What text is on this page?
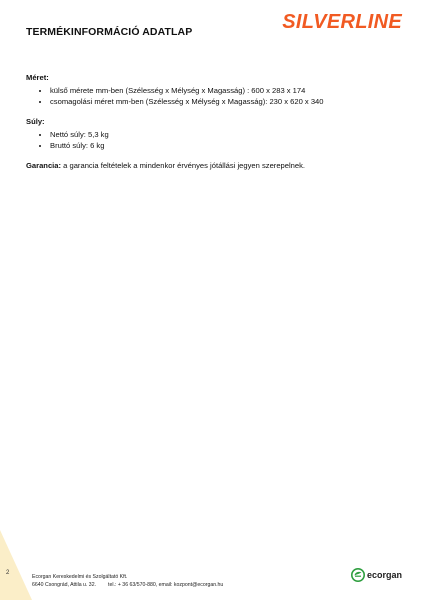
TERMÉKINFORMÁCIÓ ADATLAP	SILVERLINE
Méret:
• külső mérete mm-ben (Szélesség x Mélység x Magasság) : 600 x 283 x 174
• csomagolási méret mm-ben (Szélesség x Mélység x Magasság): 230 x 620 x 340
Súly:
• Nettó súly: 5,3 kg
• Bruttó súly: 6 kg
Garancia: a garancia feltételek a mindenkor érvényes jótállási jegyen szerepelnek.
2
Ecorgan Kereskedelmi és Szolgáltató Kft.
6640 Csongrád, Attila u. 32. tel.: + 36 63/570-880, email: kozpont@ecorgan.hu
ecorgan
